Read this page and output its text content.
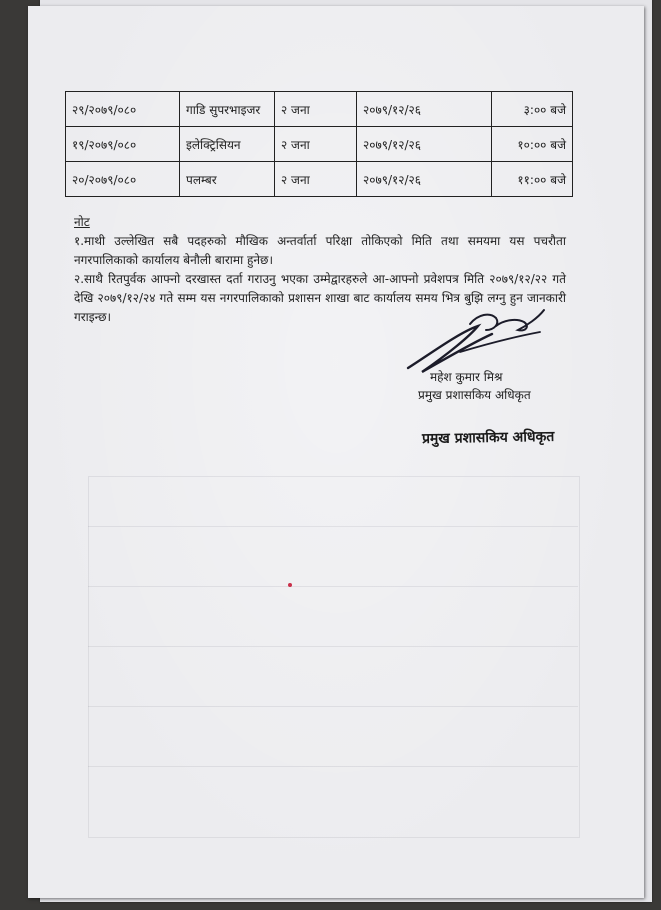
२९/२०७९/०८०	गाडि सुपरभाइजर	२ जना	२०७९/१२/२६	३:०० बजे
१९/२०७९/०८०	इलेक्ट्रिसियन	२ जना	२०७९/१२/२६	१०:०० बजे
२०/२०७९/०८०	पलम्बर	२ जना	२०७९/१२/२६	११:०० बजे
नोट

१.माथी उल्लेखित सबै पदहरुको मौखिक अन्तर्वार्ता परिक्षा तोकिएको मिति तथा समयमा यस पचरौता नगरपालिकाको कार्यालय बेनौली बारामा हुनेछ।

२.साथै रितपुर्वक आफ्नो दरखास्त दर्ता गराउनु भएका उम्मेद्वारहरुले आ-आफ्नो प्रवेशपत्र मिति २०७९/१२/२२ गते देखि २०७९/१२/२४ गते सम्म यस नगरपालिकाको प्रशासन शाखा बाट कार्यालय समय भित्र बुझि लग्नु हुन जानकारी गराइन्छ।

महेश कुमार मिश्र
प्रमुख प्रशासकिय अधिकृत
प्रमुख प्रशासकिय अधिकृत
